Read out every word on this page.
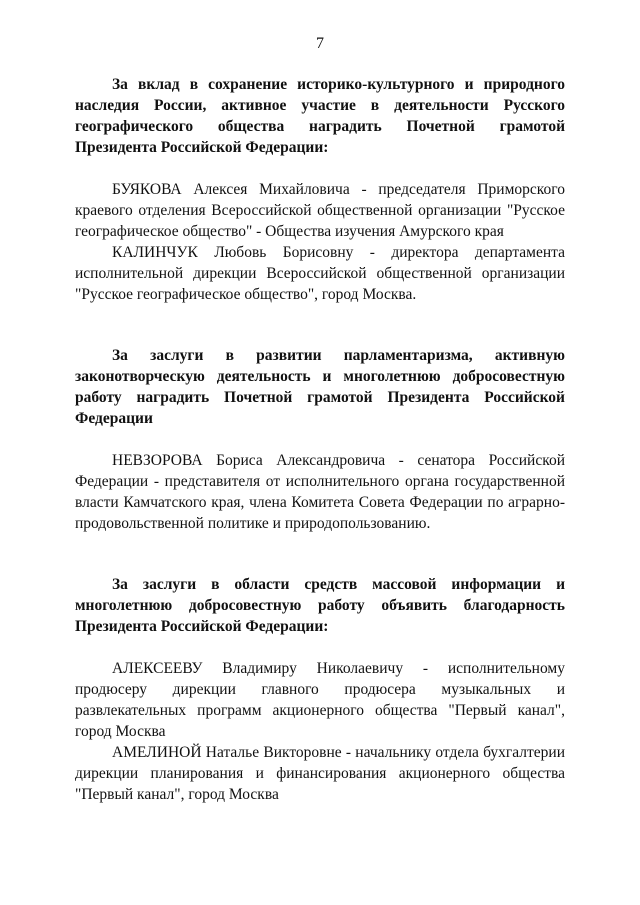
7

За вклад в сохранение историко-культурного и природного наследия России, активное участие в деятельности Русского географического общества наградить Почетной грамотой Президента Российской Федерации:

БУЯКОВА Алексея Михайловича - председателя Приморского краевого отделения Всероссийской общественной организации "Русское географическое общество" - Общества изучения Амурского края

КАЛИНЧУК Любовь Борисовну - директора департамента исполнительной дирекции Всероссийской общественной организации "Русское географическое общество", город Москва.

За заслуги в развитии парламентаризма, активную законотворческую деятельность и многолетнюю добросовестную работу наградить Почетной грамотой Президента Российской Федерации

НЕВЗОРОВА Бориса Александровича - сенатора Российской Федерации - представителя от исполнительного органа государственной власти Камчатского края, члена Комитета Совета Федерации по аграрно-продовольственной политике и природопользованию.

За заслуги в области средств массовой информации и многолетнюю добросовестную работу объявить благодарность Президента Российской Федерации:

АЛЕКСЕЕВУ Владимиру Николаевичу - исполнительному продюсеру дирекции главного продюсера музыкальных и развлекательных программ акционерного общества "Первый канал", город Москва

АМЕЛИНОЙ Наталье Викторовне - начальнику отдела бухгалтерии дирекции планирования и финансирования акционерного общества "Первый канал", город Москва
